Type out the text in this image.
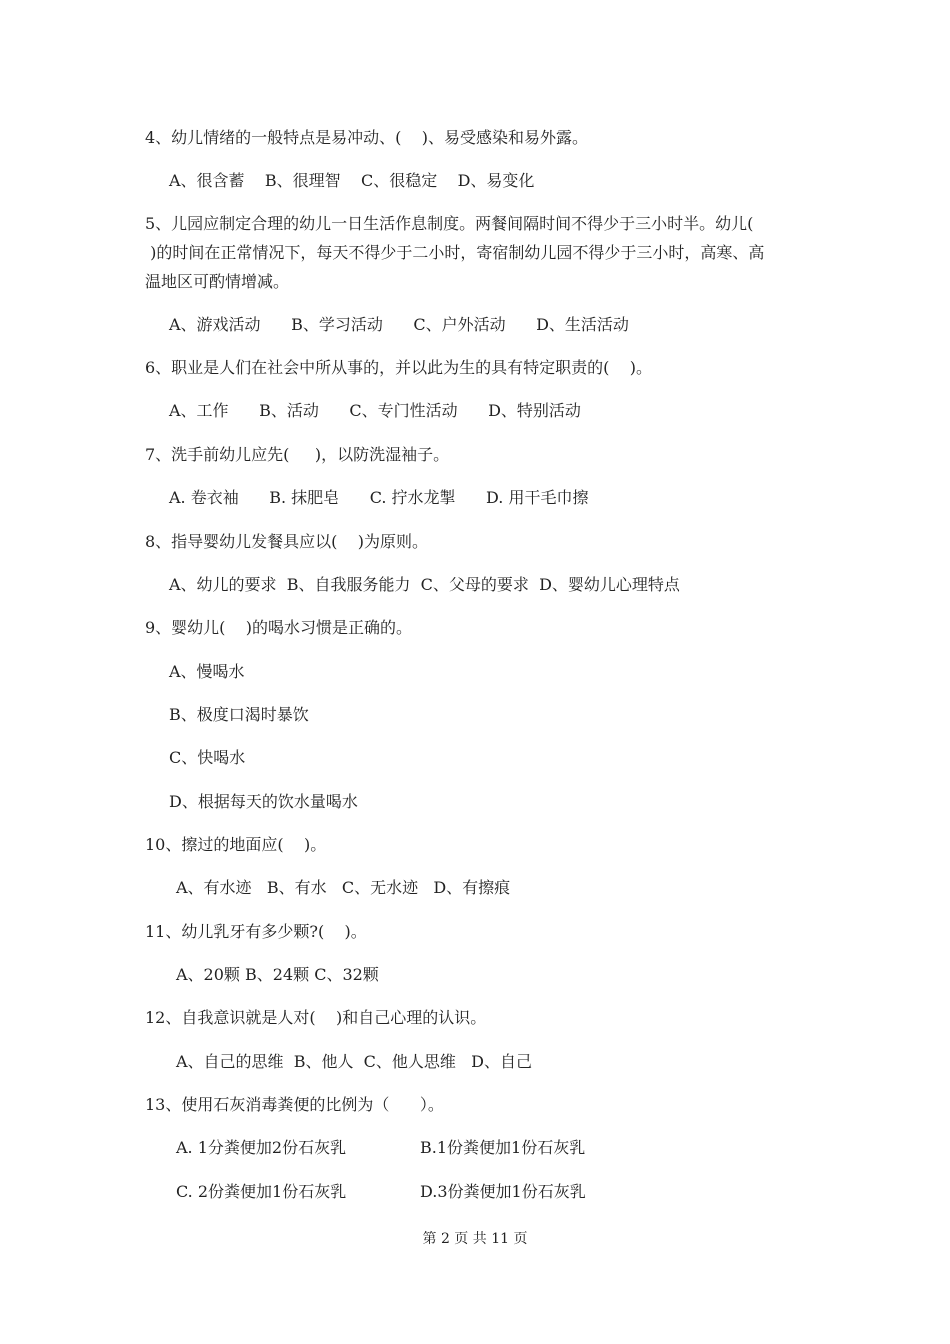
4、幼儿情绪的一般特点是易冲动、(    )、易受感染和易外露。
A、很含蓄    B、很理智    C、很稳定    D、易变化
5、儿园应制定合理的幼儿一日生活作息制度。两餐间隔时间不得少于三小时半。幼儿(
)的时间在正常情况下，每天不得少于二小时，寄宿制幼儿园不得少于三小时，高寒、高
温地区可酌情增减。
A、游戏活动      B、学习活动      C、户外活动      D、生活活动
6、职业是人们在社会中所从事的，并以此为生的具有特定职责的(    )。
A、工作      B、活动      C、专门性活动      D、特别活动
7、洗手前幼儿应先(     )，以防洗湿袖子。
A. 卷衣袖      B. 抹肥皂      C. 拧水龙掣      D. 用干毛巾擦
8、指导婴幼儿发餐具应以(    )为原则。
A、幼儿的要求  B、自我服务能力  C、父母的要求  D、婴幼儿心理特点
9、婴幼儿(    )的喝水习惯是正确的。
A、慢喝水
B、极度口渴时暴饮
C、快喝水
D、根据每天的饮水量喝水
10、擦过的地面应(    )。
A、有水迹   B、有水   C、无水迹   D、有擦痕
11、幼儿乳牙有多少颗?(    )。
A、20颗 B、24颗 C、32颗
12、自我意识就是人对(    )和自己心理的认识。
A、自己的思维  B、他人  C、他人思维   D、自己
13、使用石灰消毒粪便的比例为（      ）。
A. 1分粪便加2份石灰乳	B.1份粪便加1份石灰乳
C. 2份粪便加1份石灰乳	D.3份粪便加1份石灰乳
第 2 页 共 11 页
